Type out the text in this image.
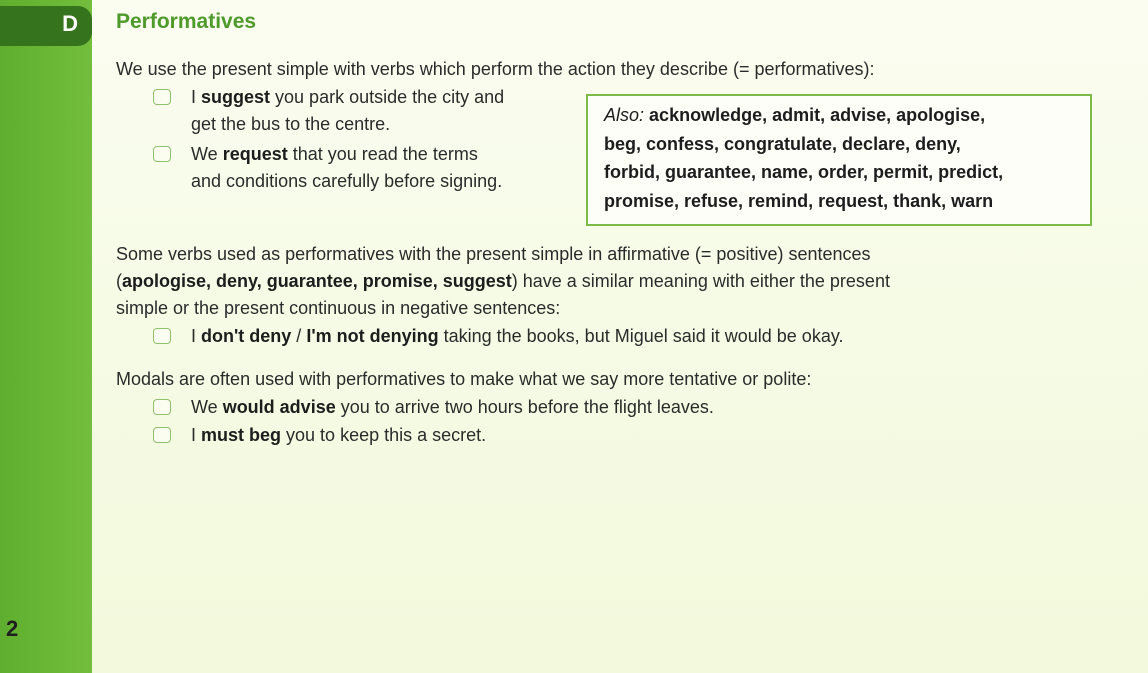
D
2
Performatives
We use the present simple with verbs which perform the action they describe (= performatives):
I suggest you park outside the city and
get the bus to the centre.
We request that you read the terms
and conditions carefully before signing.
Also: acknowledge, admit, advise, apologise,
beg, confess, congratulate, declare, deny,
forbid, guarantee, name, order, permit, predict,
promise, refuse, remind, request, thank, warn
Some verbs used as performatives with the present simple in affirmative (= positive) sentences
(apologise, deny, guarantee, promise, suggest) have a similar meaning with either the present
simple or the present continuous in negative sentences:
I don't deny / I'm not denying taking the books, but Miguel said it would be okay.
Modals are often used with performatives to make what we say more tentative or polite:
We would advise you to arrive two hours before the flight leaves.
I must beg you to keep this a secret.
